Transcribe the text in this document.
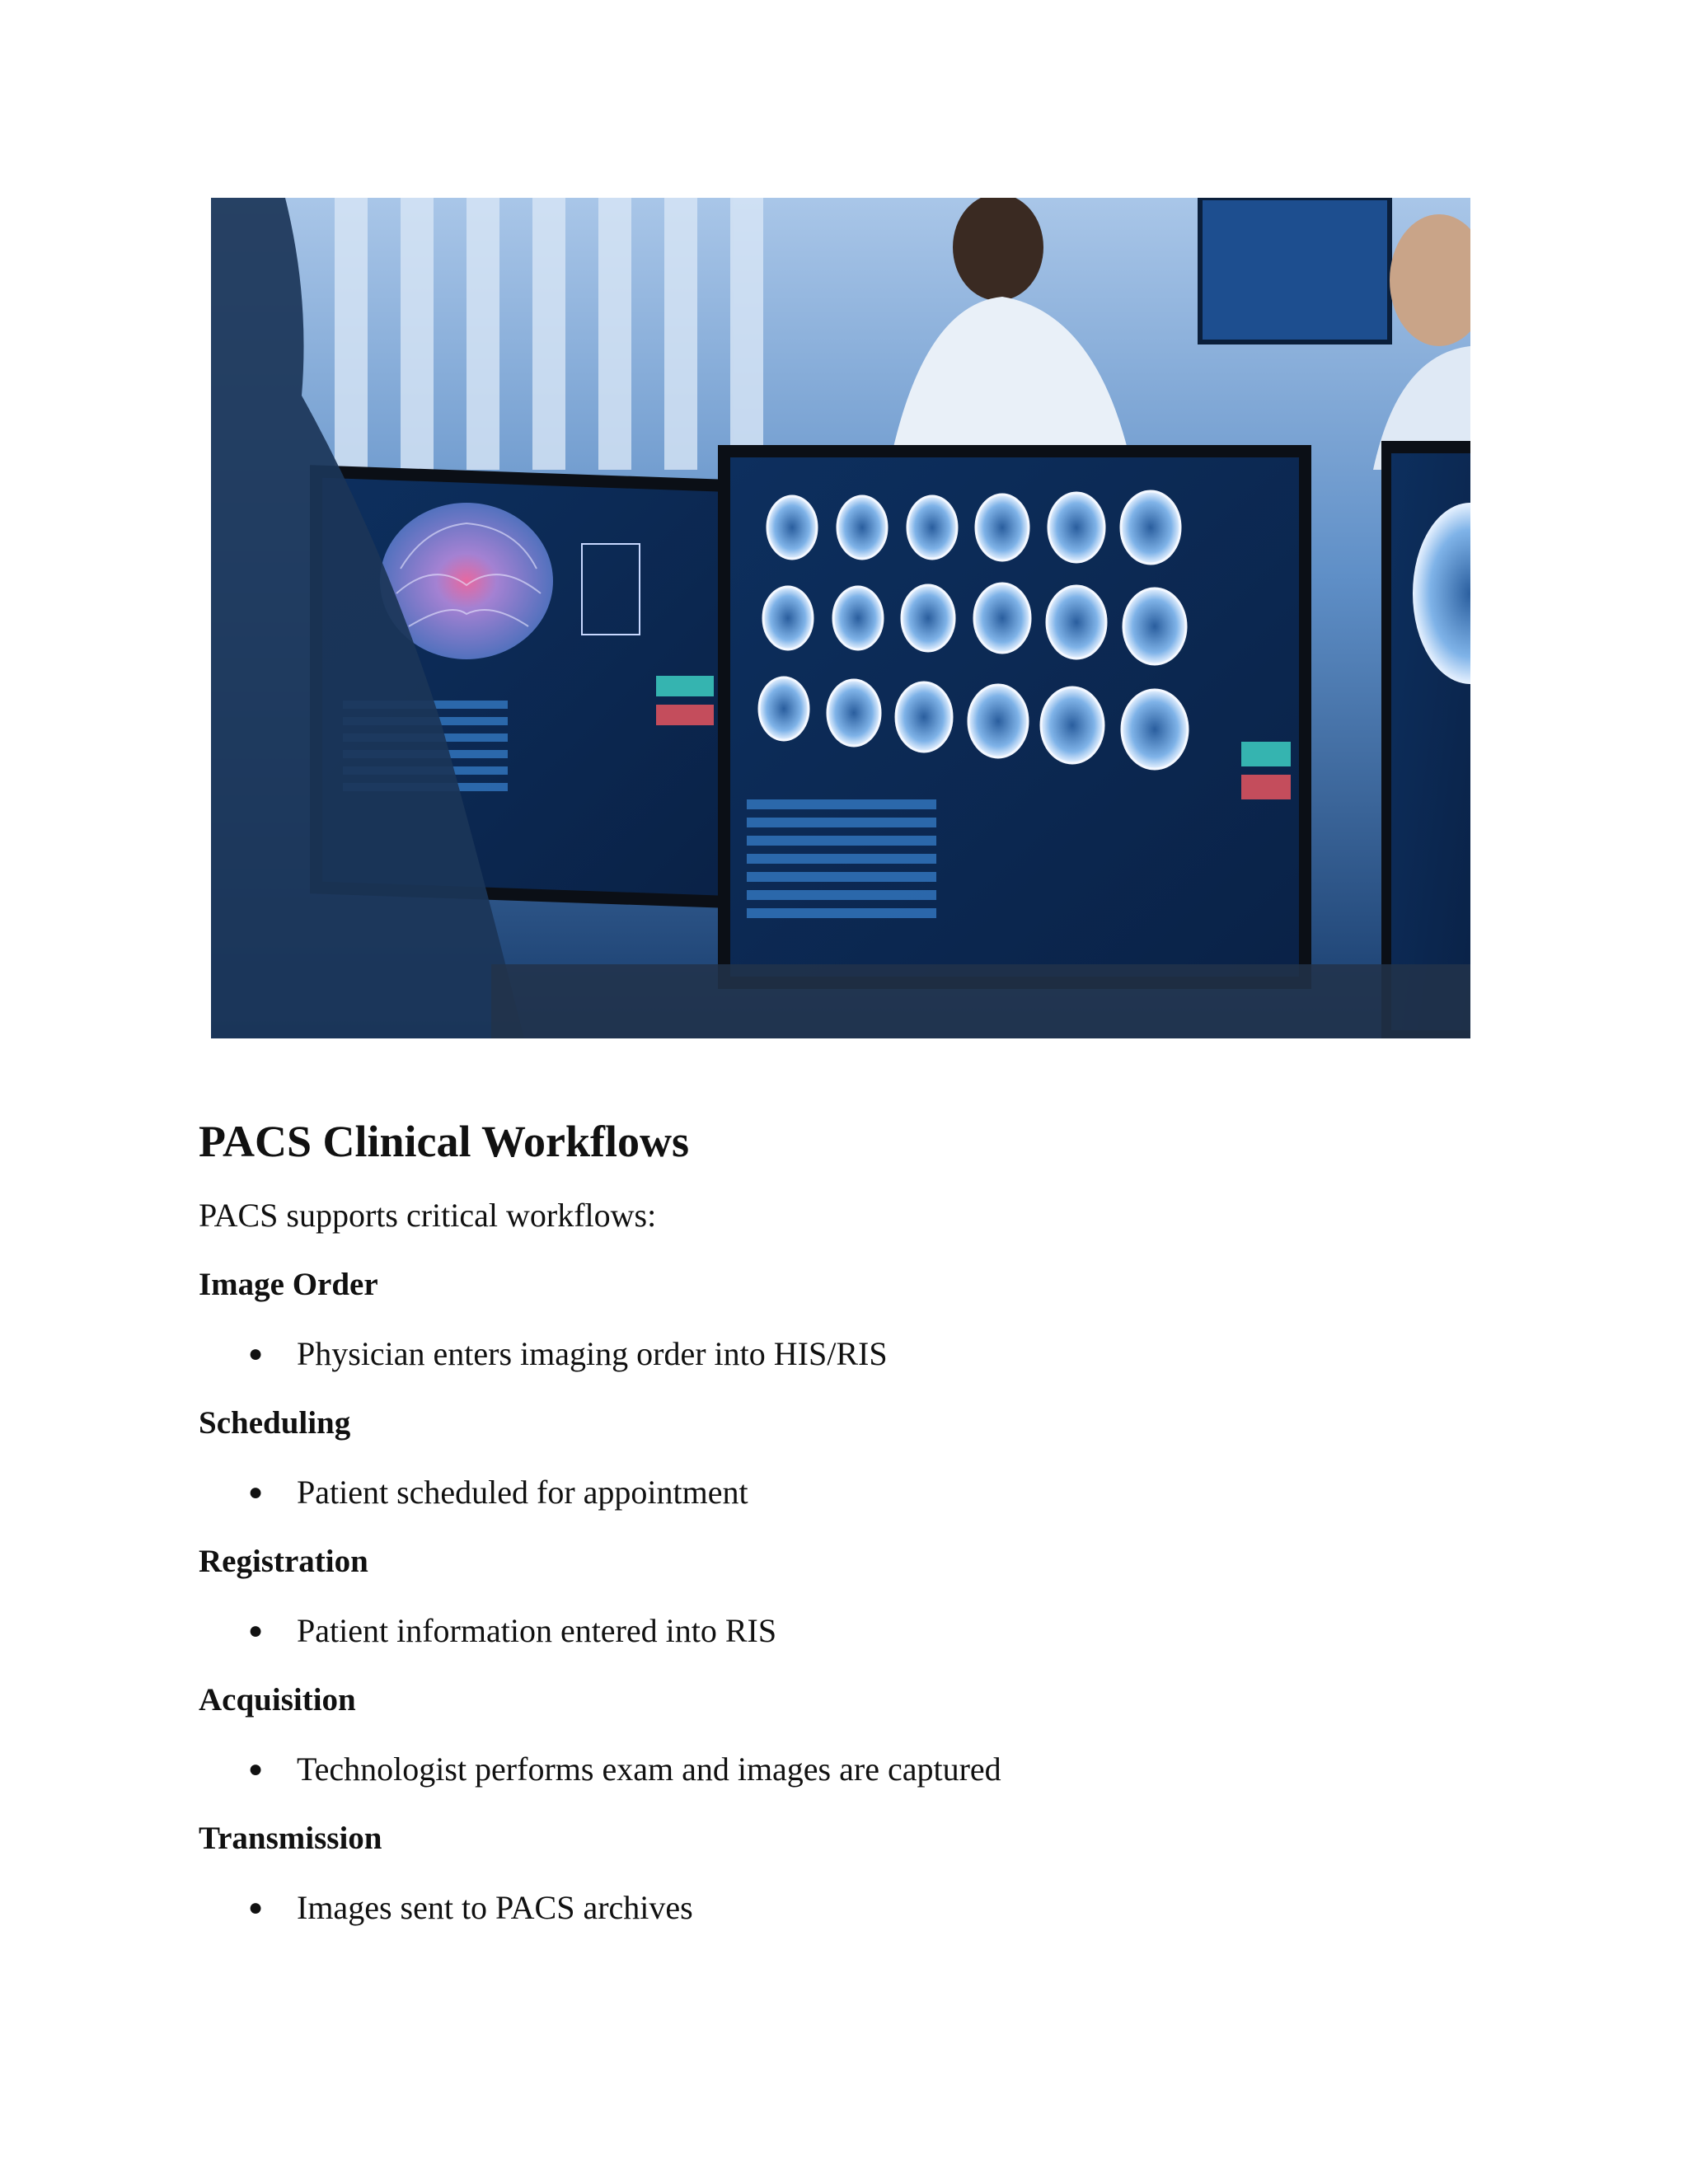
PACS Clinical Workflows

PACS supports critical workflows:

Image Order
● Physician enters imaging order into HIS/RIS
Scheduling
● Patient scheduled for appointment
Registration
● Patient information entered into RIS
Acquisition
● Technologist performs exam and images are captured
Transmission
● Images sent to PACS archives
